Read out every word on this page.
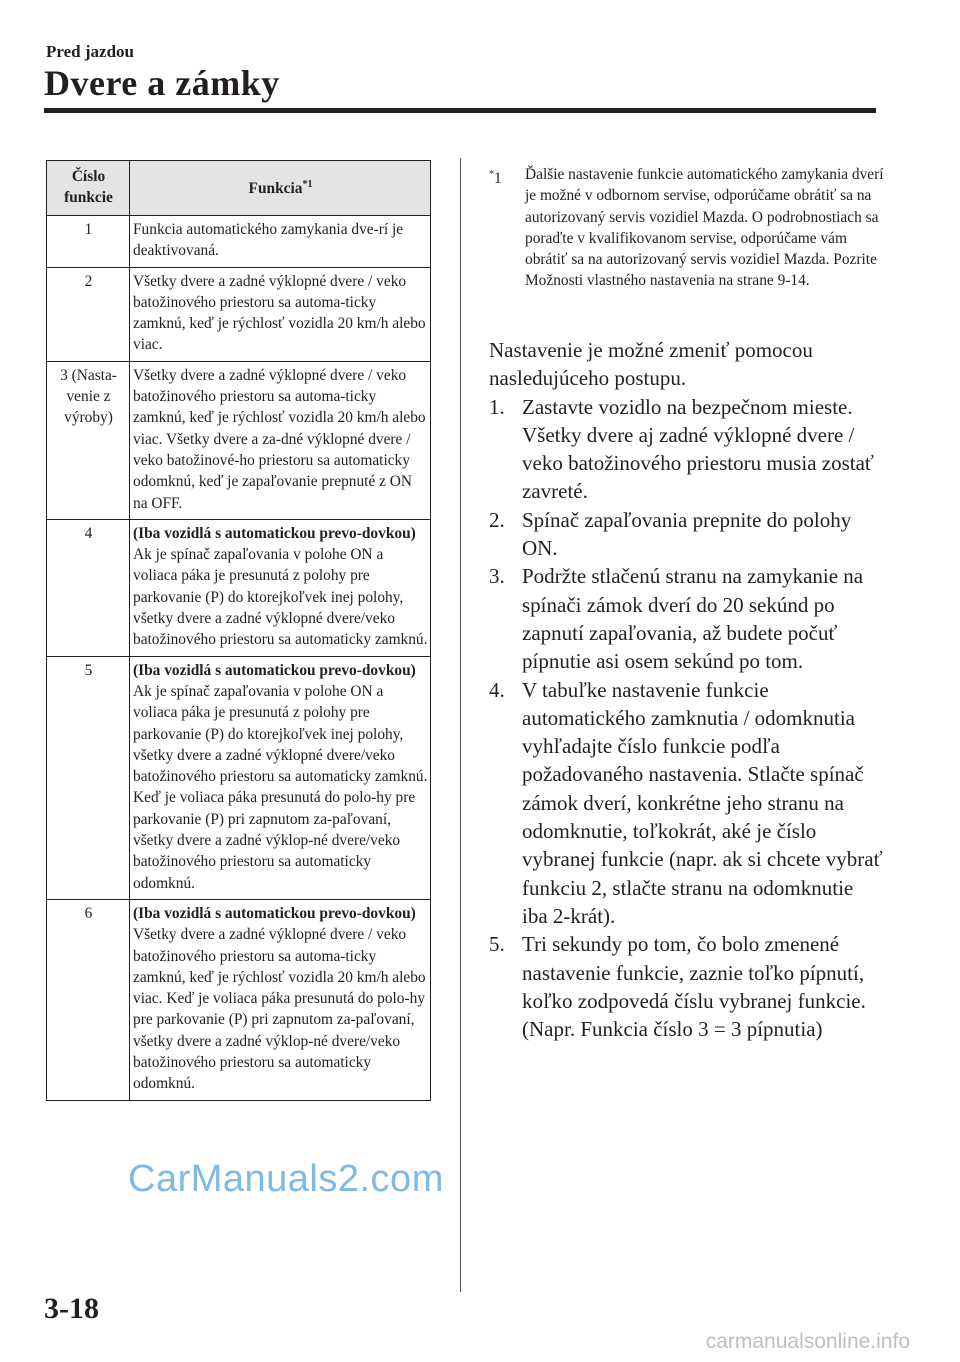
Pred jazdou
Dvere a zámky
Číslo funkcie	Funkcia$^{*1}$
1	Funkcia automatického zamykania dve-rí je deaktivovaná.
2	Všetky dvere a zadné výklopné dvere / veko batožinového priestoru sa automa-ticky zamknú, keď je rýchlosť vozidla 20 km/h alebo viac.
3 (Nasta-venie z výroby)	Všetky dvere a zadné výklopné dvere / veko batožinového priestoru sa automa-ticky zamknú, keď je rýchlosť vozidla 20 km/h alebo viac. Všetky dvere a za-dné výklopné dvere / veko batožinové-ho priestoru sa automaticky odomknú, keď je zapaľovanie prepnuté z ON na OFF.
4	(Iba vozidlá s automatickou prevo-dovkou)
Ak je spínač zapaľovania v polohe ON a voliaca páka je presunutá z polohy pre parkovanie (P) do ktorejkoľvek inej polohy, všetky dvere a zadné výklopné dvere/veko batožinového priestoru sa automaticky zamknú.
5	(Iba vozidlá s automatickou prevo-dovkou)
Ak je spínač zapaľovania v polohe ON a voliaca páka je presunutá z polohy pre parkovanie (P) do ktorejkoľvek inej polohy, všetky dvere a zadné výklopné dvere/veko batožinového priestoru sa automaticky zamknú. Keď je voliaca páka presunutá do polo-hy pre parkovanie (P) pri zapnutom za-paľovaní, všetky dvere a zadné výklop-né dvere/veko batožinového priestoru sa automaticky odomknú.
6	(Iba vozidlá s automatickou prevo-dovkou)
Všetky dvere a zadné výklopné dvere / veko batožinového priestoru sa automa-ticky zamknú, keď je rýchlosť vozidla 20 km/h alebo viac. Keď je voliaca páka presunutá do polo-hy pre parkovanie (P) pri zapnutom za-paľovaní, všetky dvere a zadné výklop-né dvere/veko batožinového priestoru sa automaticky odomknú.
*1	Ďalšie nastavenie funkcie automatického zamykania dverí je možné v odbornom servise, odporúčame obrátiť sa na autorizovaný servis vozidiel Mazda. O podrobnostiach sa poraďte v kvalifikovanom servise, odporúčame vám obrátiť sa na autorizovaný servis vozidiel Mazda. Pozrite Možnosti vlastného nastavenia na strane 9-14.

Nastavenie je možné zmeniť pomocou nasledujúceho postupu.

1. Zastavte vozidlo na bezpečnom mieste. Všetky dvere aj zadné výklopné dvere / veko batožinového priestoru musia zostať zavreté.
2. Spínač zapaľovania prepnite do polohy ON.
3. Podržte stlačenú stranu na zamykanie na spínači zámok dverí do 20 sekúnd po zapnutí zapaľovania, až budete počuť pípnutie asi osem sekúnd po tom.
4. V tabuľke nastavenie funkcie automatického zamknutia / odomknutia vyhľadajte číslo funkcie podľa požadovaného nastavenia. Stlačte spínač zámok dverí, konkrétne jeho stranu na odomknutie, toľkokrát, aké je číslo vybranej funkcie (napr. ak si chcete vybrať funkciu 2, stlačte stranu na odomknutie iba 2-krát).
5. Tri sekundy po tom, čo bolo zmenené nastavenie funkcie, zaznie toľko pípnutí, koľko zodpovedá číslu vybranej funkcie. (Napr. Funkcia číslo 3 = 3 pípnutia)
3-18
CarManuals2.com
carmanualsonline.info
